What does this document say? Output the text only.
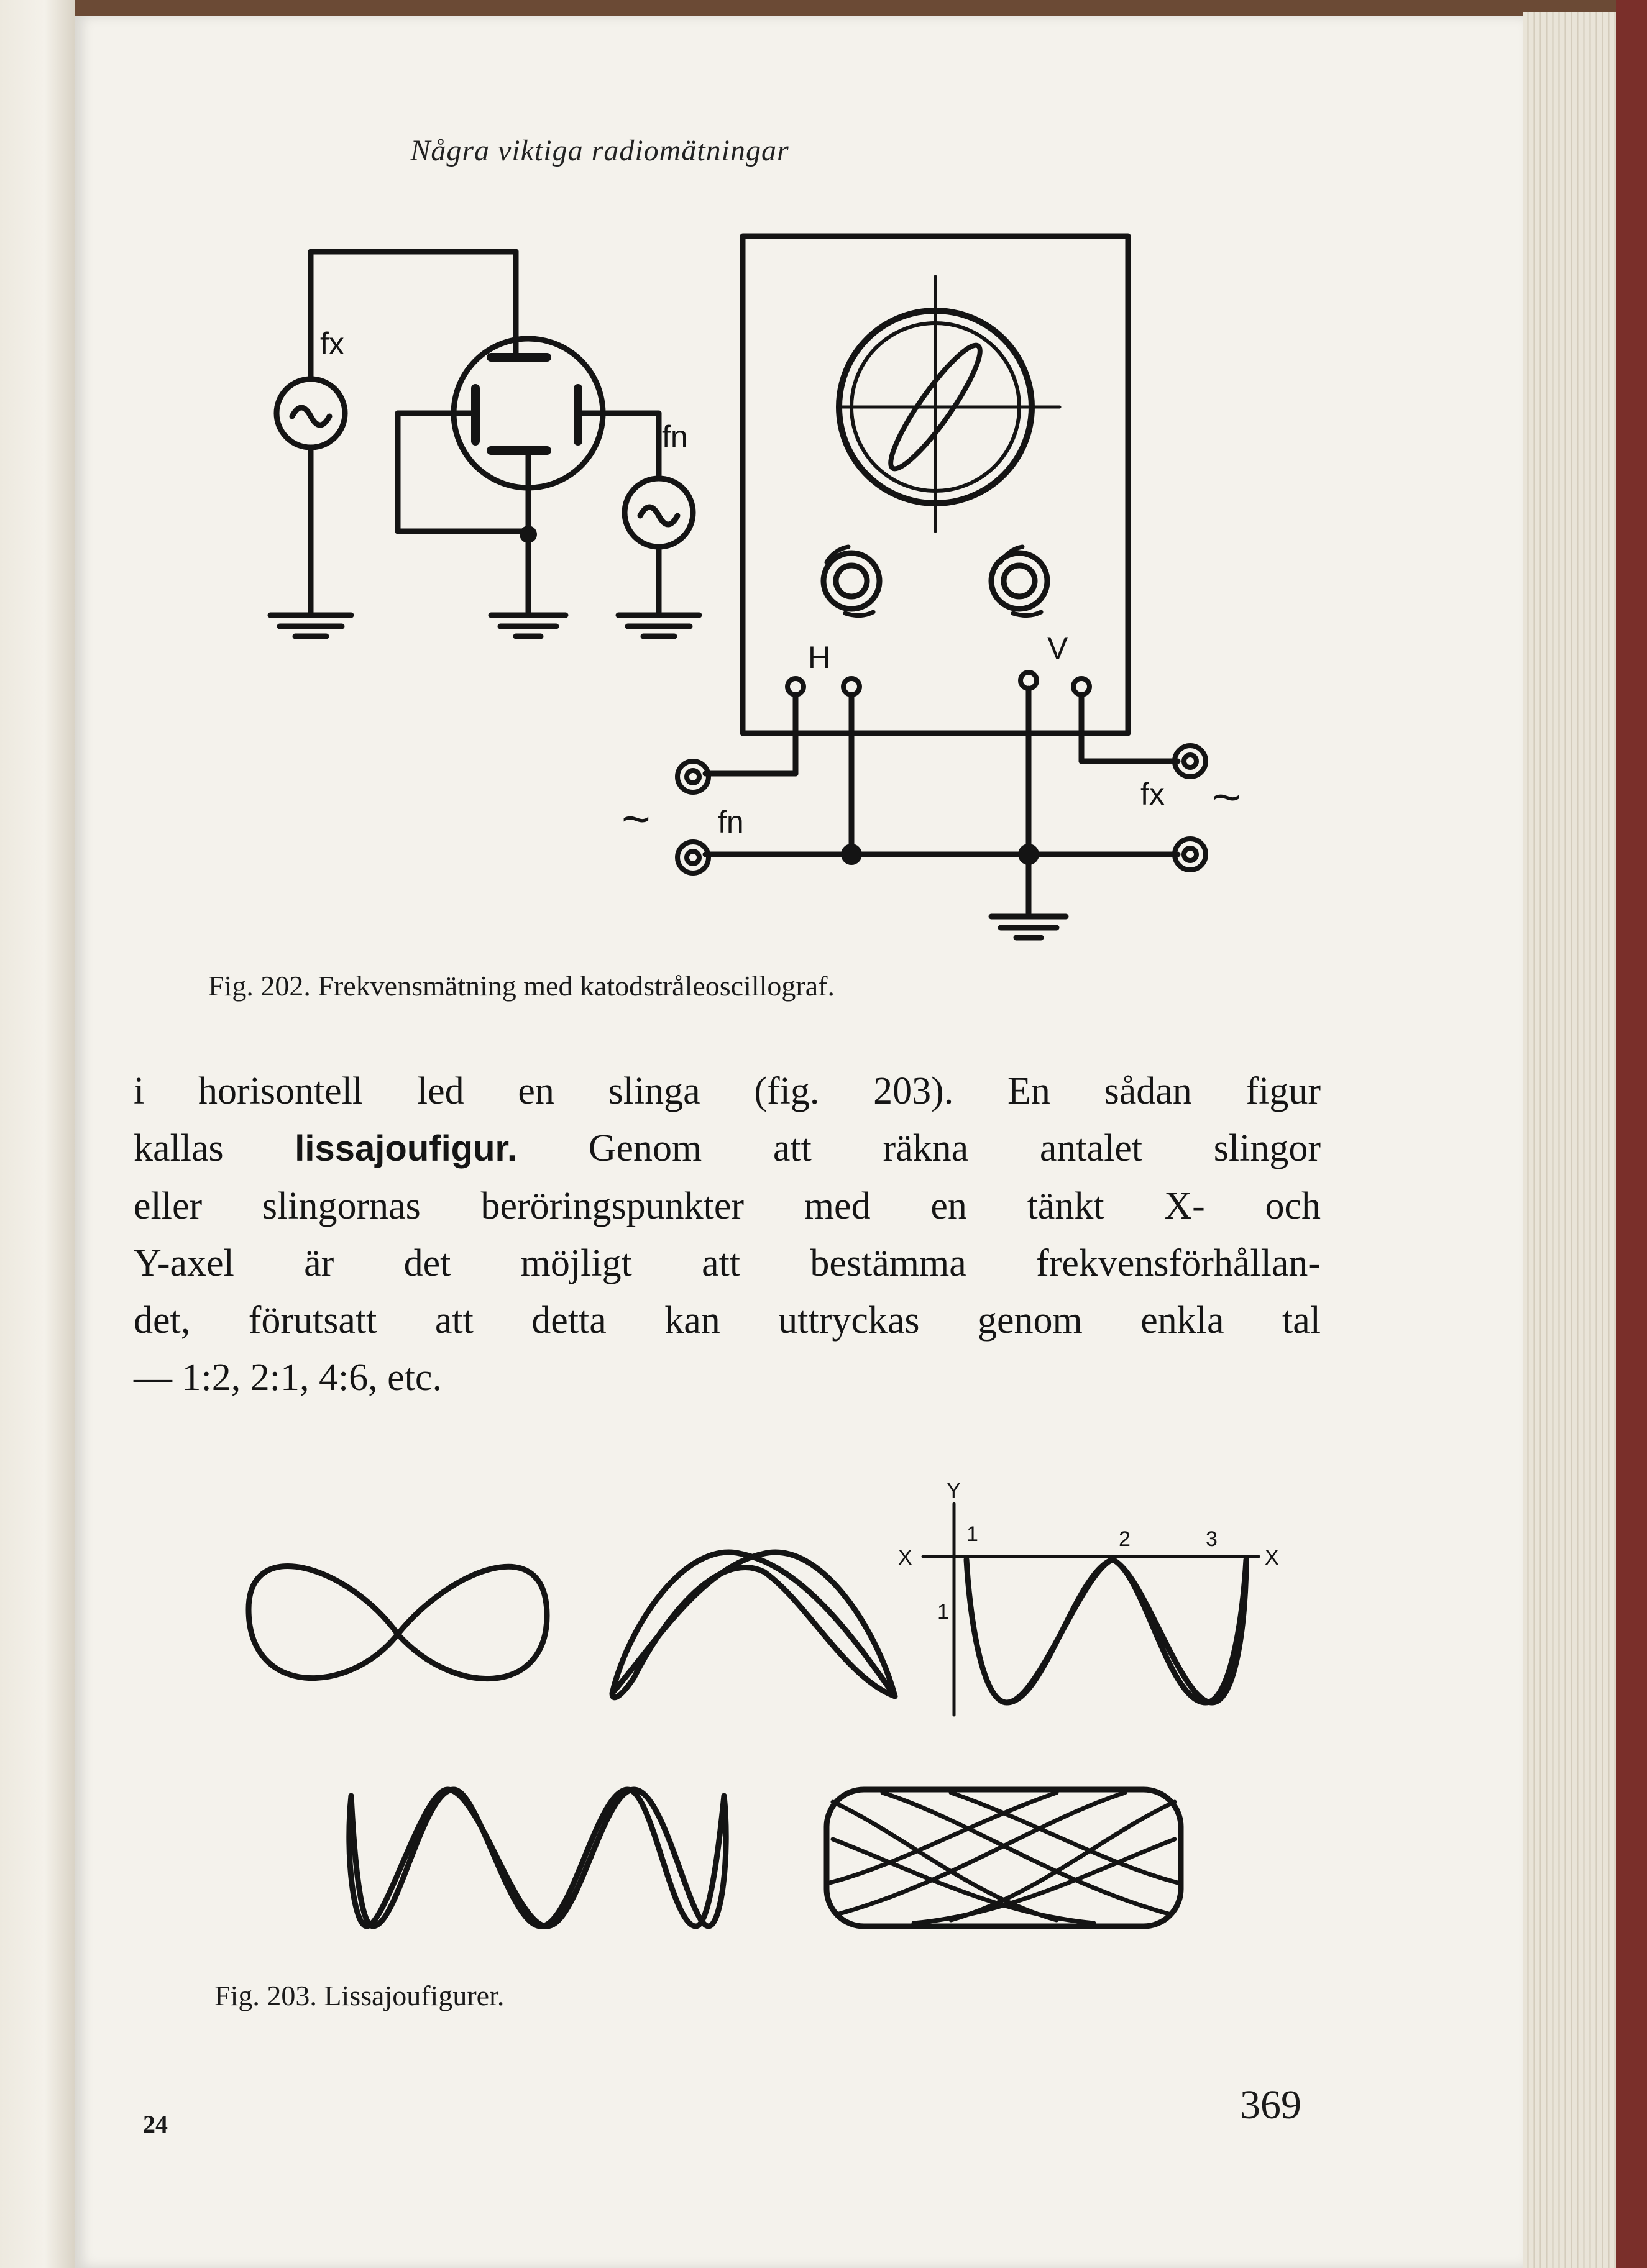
Några viktiga radiomätningar
fx
fn
H	V
~ fn
fx ~
Fig. 202. Frekvensmätning med katodstråleoscillograf.
i horisontell led en slinga (fig. 203). En sådan figur
kallas lissajoufigur. Genom att räkna antalet slingor
eller slingornas beröringspunkter med en tänkt X- och
Y-axel är det möjligt att bestämma frekvensförhållan-
det, förutsatt att detta kan uttryckas genom enkla tal
— 1:2, 2:1, 4:6, etc.
Y
X	X
1	2	3
1
Fig. 203. Lissajoufigurer.
24	369
